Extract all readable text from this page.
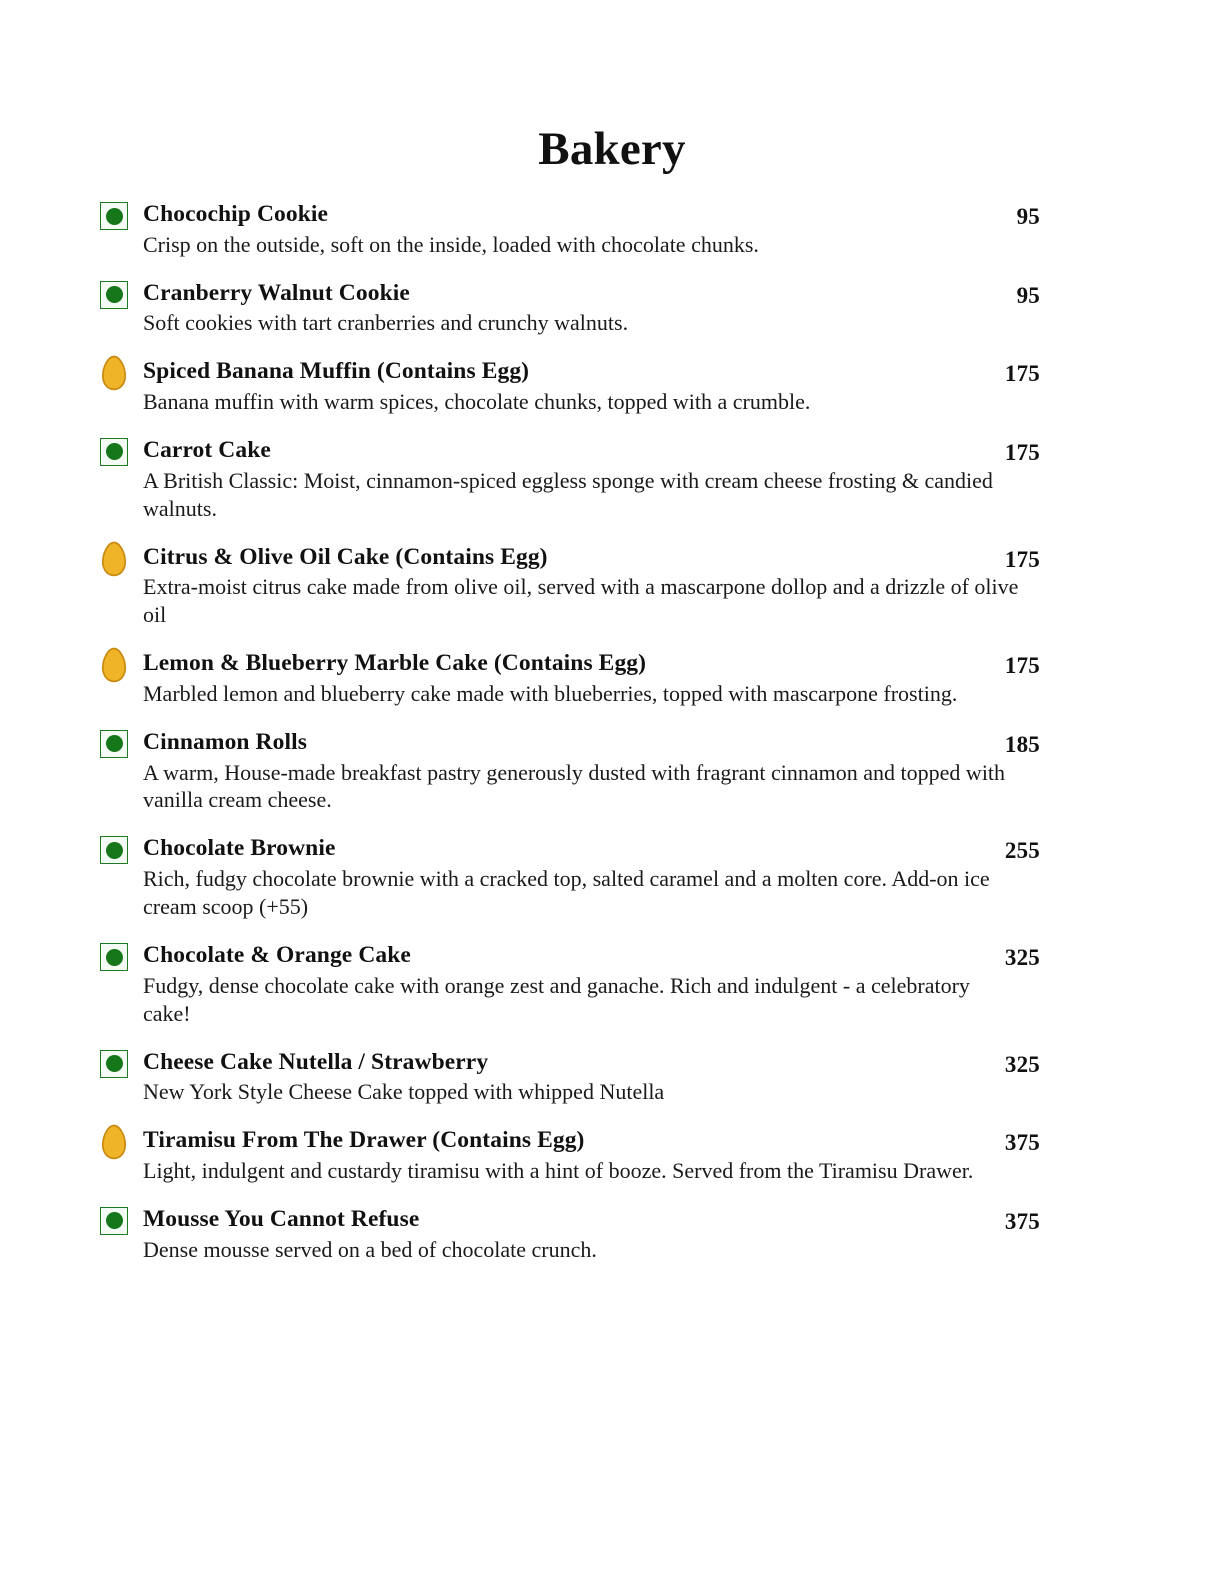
Bakery
Chocochip Cookie
Crisp on the outside, soft on the inside, loaded with chocolate chunks.
95
Cranberry Walnut Cookie
Soft cookies with tart cranberries and crunchy walnuts.
95
Spiced Banana Muffin (Contains Egg)
Banana muffin with warm spices, chocolate chunks, topped with a crumble.
175
Carrot Cake
A British Classic: Moist, cinnamon-spiced eggless sponge with cream cheese frosting & candied walnuts.
175
Citrus & Olive Oil Cake (Contains Egg)
Extra-moist citrus cake made from olive oil, served with a mascarpone dollop and a drizzle of olive oil
175
Lemon & Blueberry Marble Cake (Contains Egg)
Marbled lemon and blueberry cake made with blueberries, topped with mascarpone frosting.
175
Cinnamon Rolls
A warm, House-made breakfast pastry generously dusted with fragrant cinnamon and topped with vanilla cream cheese.
185
Chocolate Brownie
Rich, fudgy chocolate brownie with a cracked top, salted caramel and a molten core. Add-on ice cream scoop (+55)
255
Chocolate & Orange Cake
Fudgy, dense chocolate cake with orange zest and ganache. Rich and indulgent - a celebratory cake!
325
Cheese Cake Nutella / Strawberry
New York Style Cheese Cake topped with whipped Nutella
325
Tiramisu From The Drawer (Contains Egg)
Light, indulgent and custardy tiramisu with a hint of booze. Served from the Tiramisu Drawer.
375
Mousse You Cannot Refuse
Dense mousse served on a bed of chocolate crunch.
375
